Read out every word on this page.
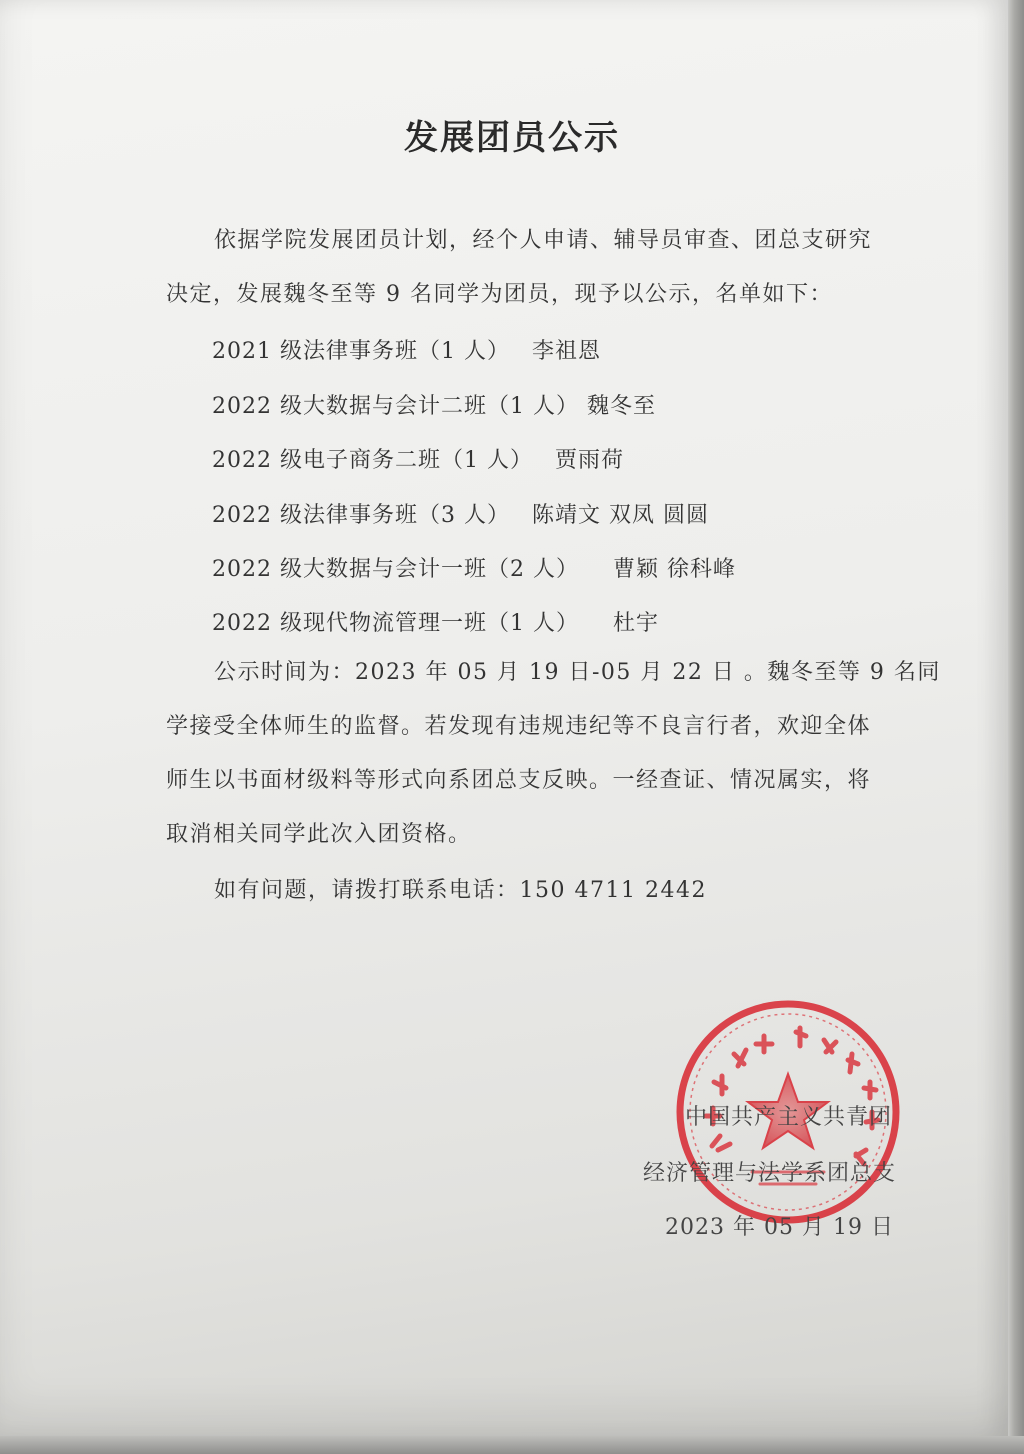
发展团员公示
依据学院发展团员计划，经个人申请、辅导员审查、团总支研究
决定，发展魏冬至等 9 名同学为团员，现予以公示，名单如下：
2021 级法律事务班（1 人） 李祖恩
2022 级大数据与会计二班（1 人） 魏冬至
2022 级电子商务二班（1 人） 贾雨荷
2022 级法律事务班（3 人） 陈靖文 双凤 圆圆
2022 级大数据与会计一班（2 人） 曹颖 徐科峰
2022 级现代物流管理一班（1 人） 杜宇
公示时间为：2023 年 05 月 19 日-05 月 22 日 。魏冬至等 9 名同
学接受全体师生的监督。若发现有违规违纪等不良言行者，欢迎全体
师生以书面材级料等形式向系团总支反映。一经查证、情况属实，将
取消相关同学此次入团资格。
如有问题，请拨打联系电话：150 4711 2442
中国共产主义共青团
经济管理与法学系团总支
2023 年 05 月 19 日
